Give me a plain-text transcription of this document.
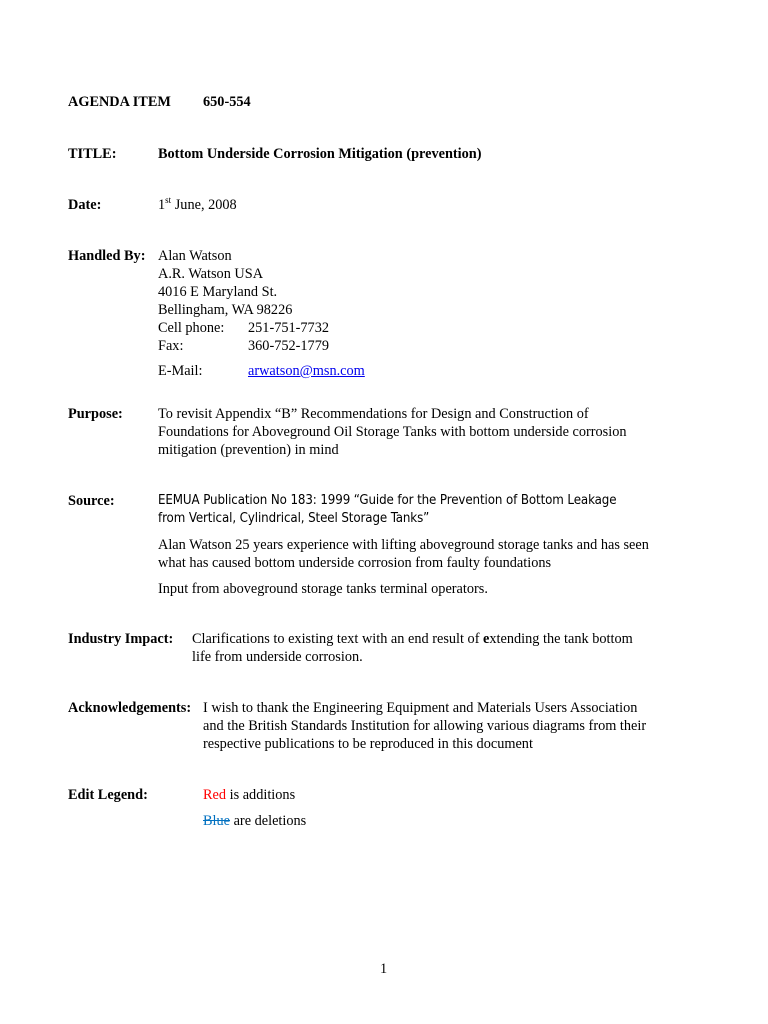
AGENDA ITEM 650-554
TITLE:	Bottom Underside Corrosion Mitigation (prevention)
Date:	1st June, 2008
Handled By: Alan Watson
A.R. Watson USA
4016 E Maryland St.
Bellingham, WA 98226
Cell phone: 251-751-7732
Fax:	360-752-1779
E-Mail:	arwatson@msn.com
Purpose: To revisit Appendix “B” Recommendations for Design and Construction of
Foundations for Aboveground Oil Storage Tanks with bottom underside corrosion
mitigation (prevention) in mind
Source:	EEMUA Publication No 183: 1999 “Guide for the Prevention of Bottom Leakage
from Vertical, Cylindrical, Steel Storage Tanks”
Alan Watson 25 years experience with lifting aboveground storage tanks and has seen
what has caused bottom underside corrosion from faulty foundations
Input from aboveground storage tanks terminal operators.
Industry Impact: Clarifications to existing text with an end result of extending the tank bottom
life from underside corrosion.
Acknowledgements: I wish to thank the Engineering Equipment and Materials Users Association
and the British Standards Institution for allowing various diagrams from their
respective publications to be reproduced in this document
Edit Legend:	Red is additions
Blue are deletions
1
